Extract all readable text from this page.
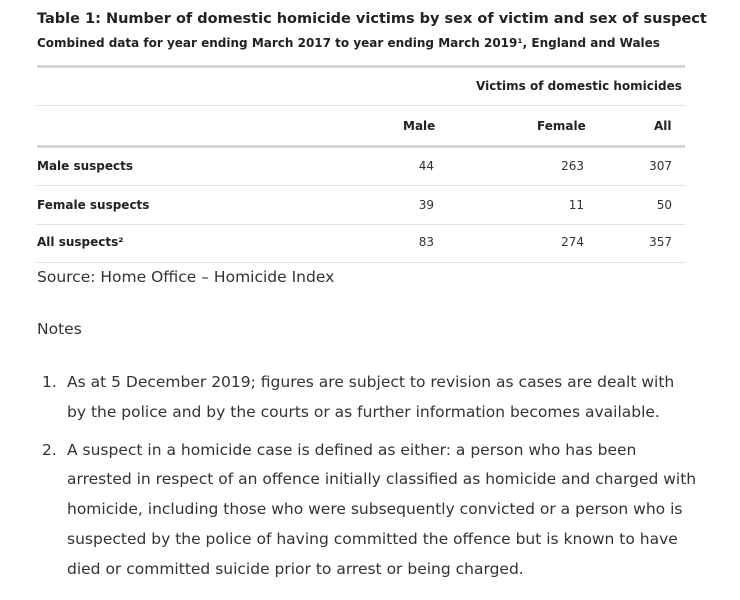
Table 1: Number of domestic homicide victims by sex of victim and sex of suspect
Combined data for year ending March 2017 to year ending March 2019¹, England and Wales
Victims of domestic homicides
Male	Female	All
Male suspects	44	263	307
Female suspects	39	11	50
All suspects²	83	274	357
Source: Home Office – Homicide Index
Notes
1. As at 5 December 2019; figures are subject to revision as cases are dealt with by the police and by the courts or as further information becomes available.
2. A suspect in a homicide case is defined as either: a person who has been arrested in respect of an offence initially classified as homicide and charged with homicide, including those who were subsequently convicted or a person who is suspected by the police of having committed the offence but is known to have died or committed suicide prior to arrest or being charged.
